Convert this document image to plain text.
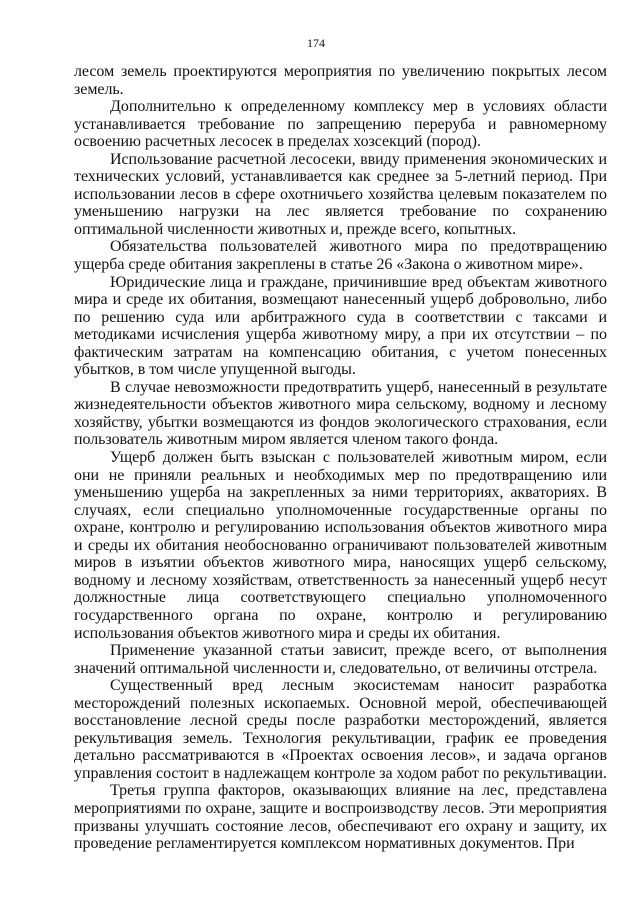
174

лесом земель проектируются мероприятия по увеличению покрытых лесом земель.

Дополнительно к определенному комплексу мер в условиях области устанавливается требование по запрещению переруба и равномерному освоению расчетных лесосек в пределах хозсекций (пород).

Использование расчетной лесосеки, ввиду применения экономических и технических условий, устанавливается как среднее за 5-летний период. При использовании лесов в сфере охотничьего хозяйства целевым показателем по уменьшению нагрузки на лес является требование по сохранению оптимальной численности животных и, прежде всего, копытных.

Обязательства пользователей животного мира по предотвращению ущерба среде обитания закреплены в статье 26 «Закона о животном мире».

Юридические лица и граждане, причинившие вред объектам животного мира и среде их обитания, возмещают нанесенный ущерб добровольно, либо по решению суда или арбитражного суда в соответствии с таксами и методиками исчисления ущерба животному миру, а при их отсутствии – по фактическим затратам на компенсацию обитания, с учетом понесенных убытков, в том числе упущенной выгоды.

В случае невозможности предотвратить ущерб, нанесенный в результате жизнедеятельности объектов животного мира сельскому, водному и лесному хозяйству, убытки возмещаются из фондов экологического страхования, если пользователь животным миром является членом такого фонда.

Ущерб должен быть взыскан с пользователей животным миром, если они не приняли реальных и необходимых мер по предотвращению или уменьшению ущерба на закрепленных за ними территориях, акваториях. В случаях, если специально уполномоченные государственные органы по охране, контролю и регулированию использования объектов животного мира и среды их обитания необоснованно ограничивают пользователей животным миров в изъятии объектов животного мира, наносящих ущерб сельскому, водному и лесному хозяйствам, ответственность за нанесенный ущерб несут должностные лица соответствующего специально уполномоченного государственного органа по охране, контролю и регулированию использования объектов животного мира и среды их обитания.

Применение указанной статьи зависит, прежде всего, от выполнения значений оптимальной численности и, следовательно, от величины отстрела.

Существенный вред лесным экосистемам наносит разработка месторождений полезных ископаемых. Основной мерой, обеспечивающей восстановление лесной среды после разработки месторождений, является рекультивация земель. Технология рекультивации, график ее проведения детально рассматриваются в «Проектах освоения лесов», и задача органов управления состоит в надлежащем контроле за ходом работ по рекультивации.

Третья группа факторов, оказывающих влияние на лес, представлена мероприятиями по охране, защите и воспроизводству лесов. Эти мероприятия призваны улучшать состояние лесов, обеспечивают его охрану и защиту, их проведение регламентируется комплексом нормативных документов. При
